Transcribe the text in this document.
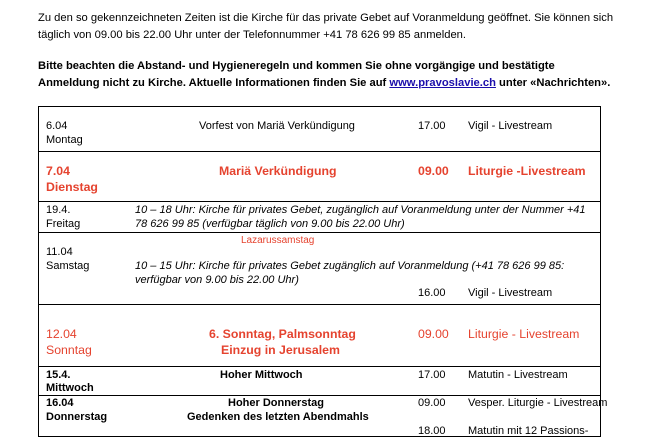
Zu den so gekennzeichneten Zeiten ist die Kirche für das private Gebet auf Voranmeldung geöffnet. Sie können sich täglich von 09.00 bis 22.00 Uhr unter der Telefonnummer +41 78 626 99 85 anmelden.
Bitte beachten die Abstand- und Hygieneregeln und kommen Sie ohne vorgängige und bestätigte Anmeldung nicht zu Kirche. Aktuelle Informationen finden Sie auf www.pravoslavie.ch unter «Nachrichten».
6.04
Montag
Vorfest von Mariä Verkündigung	17.00 Vigil - Livestream

7.04
Dienstag
Mariä Verkündigung	09.00 Liturgie -Livestream

19.4.
Freitag
10 – 18 Uhr: Kirche für privates Gebet, zugänglich auf Voranmeldung unter der Nummer +41 78 626 99 85 (verfügbar täglich von 9.00 bis 22.00 Uhr)

11.04
Samstag
Lazarussamstag
10 – 15 Uhr: Kirche für privates Gebet zugänglich auf Voranmeldung (+41 78 626 99 85: verfügbar von 9.00 bis 22.00 Uhr)
16.00 Vigil - Livestream

12.04
Sonntag
6. Sonntag, Palmsonntag
Einzug in Jerusalem
09.00 Liturgie - Livestream

15.4.
Mittwoch
Hoher Mittwoch	17.00 Matutin - Livestream

16.04
Donnerstag
Hoher Donnerstag
Gedenken des letzten Abendmahls
09.00 Vesper. Liturgie - Livestream
18.00 Matutin mit 12 Passions-
